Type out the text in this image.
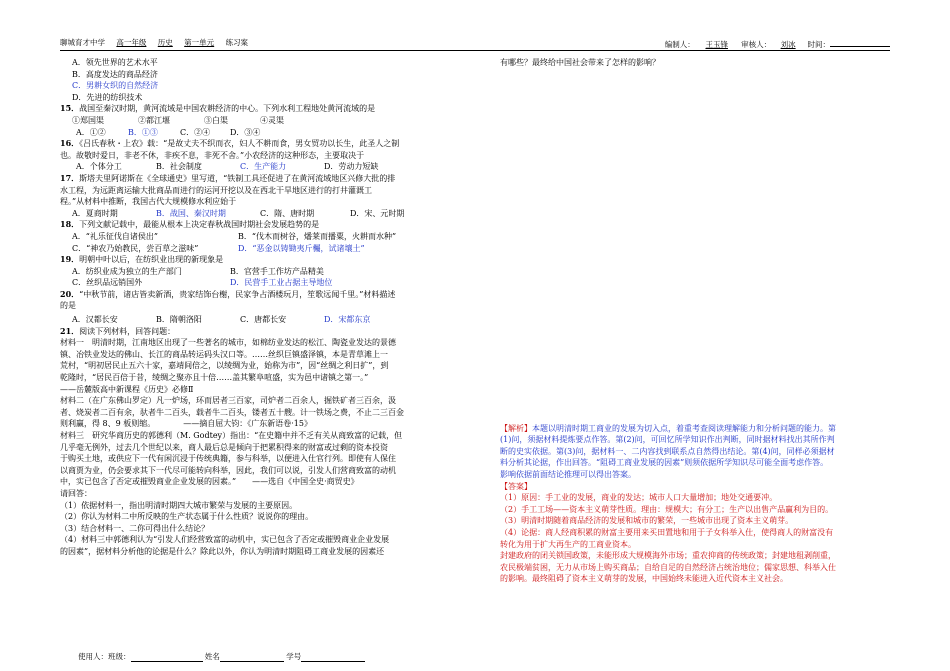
聊城育才中学 高一年级 历史 第一单元 练习案	编制人： 王玉锋 审核人： 刘冰 时间：
A．领先世界的艺术水平
B．高度发达的商品经济
C．男耕女织的自然经济
D．先进的纺织技术
15．战国至秦汉时期，黄河流域是中国农耕经济的中心。下列水利工程地处黄河流域的是
①郑国渠	②都江堰	③白渠	④灵渠
A．①②	B．①③	C．②④ D．③④
16．《吕氏春秋・上农》载：“是故丈夫不织而衣，妇人不耕而食，男女贸功以长生，此圣人之制
也。故敬时爱日，非老不休，非疾不息，非死不舍。”小农经济的这种形态，主要取决于
A．个体分工	B．社会制度	C．生产能力	D．劳动力短缺
17．斯塔夫里阿诺斯在《全球通史》里写道，“铁制工具还促进了在黄河流域地区兴修大批的排
水工程，为远距离运输大批商品而进行的运河开挖以及在西北干旱地区进行的打井灌溉工
程。”从材料中推断，我国古代大规模修水利应始于
A．夏商时期	B．战国、秦汉时期	C．隋、唐时期	D．宋、元时期
18．下列文献记载中，最能从根本上决定春秋战国时期社会发展趋势的是
A．“礼乐征伐自诸侯出”	B．“伐木而树谷，燔莱而播粟，火耕而水种”
C．“神农乃始教民，尝百草之滋味”	D．“恶金以铸锄夷斤欘，试诸壤土”
19．明朝中叶以后，在纺织业出现的新现象是
A．纺织业成为独立的生产部门	B．官营手工作坊产品精美
C．丝织品远销国外	D．民营手工业占据主导地位
20．“中秋节前，诸店皆卖新酒，贵家结饰台榭，民家争占酒楼玩月，笙歌远闻千里。”材料描述
的是
A．汉都长安	B．隋朝洛阳	C．唐都长安	D．宋都东京
21．阅读下列材料，回答问题：
材料一　明清时期，江南地区出现了一些著名的城市，如棉纺业发达的松江、陶瓷业发达的景德
镇、冶铁业发达的佛山、长江的商品转运码头汉口等。……丝织巨镇盛泽镇，本是青草滩上一
荒村，“明初居民止五六十家，嘉靖间倍之，以绫绸为业，始称为市”，因“丝绸之利日扩”，到
乾隆时，“居民百倍于昔，绫绸之聚亦且十倍……盖其繁阜喧盛，实为邑中诸镇之第一。”
——岳麓版高中新课程《历史》必修Ⅱ
材料二（在广东佛山罗定）凡一炉场，环而居者三百家，司炉者二百余人，掘铁矿者三百余，汲
者、烧炭者二百有余，驮者牛二百头，载者牛二百头，镂者五十艘。计一铁场之费，不止二三百金
则利赢，得 8、9 板则缩。　　　　——摘自屈大钧：《广东新语卷·15》
材料三　研究华商历史的郭德利（M. Godtey）指出：“在史籍中并不乏有关从商致富的记载，但
几乎毫无例外，过去几个世纪以来，商人最后总是倾向于把累积得来的财富或过剩的资本投资
于购买土地，或供应下一代有闲沉浸于传统典籍，参与科举，以便进入仕官行列。即使有人保住
以商贾为业，仍会要求其下一代尽可能转向科举，因此，我们可以说，引发人们营商致富的动机
中，实已包含了否定或摧毁商业企业发展的因素。”　　——选自《中国全史·商贸史》
请回答：
（1）依据材料一，指出明清时期四大城市繁荣与发展的主要原因。
（2）你认为材料二中所反映的生产状态属于什么性质？说说你的理由。
（3）结合材料一、二你可得出什么结论？
（4）材料三中郭德利认为“引发人们经营致富的动机中，实已包含了否定或摧毁商业企业发展
的因素”，据材料分析他的论据是什么？除此以外，你认为明清时期阻碍工商业发展的因素还
有哪些？最终给中国社会带来了怎样的影响？
【解析】本题以明清时期工商业的发展为切入点，着重考查阅读理解能力和分析问题的能力。第
(1)问，须据材料提炼要点作答。第(2)问，可回忆所学知识作出判断，同时据材料找出其所作判
断的史实依据。第(3)问，据材料一、二内容找到联系点自然得出结论。第(4)问，同样必须据材
料分析其论据，作出回答。“阻碍工商业发展的因素”则须依据所学知识尽可能全面考虑作答。
影响依据前面结论推理可以得出答案。
【答案】
（1）原因：手工业的发展，商业的发达；城市人口大量增加；地处交通要冲。
（2）手工工场——资本主义萌芽性质。理由：规模大；有分工；生产以出售产品赢利为目的。
（3）明清时期随着商品经济的发展和城市的繁荣，一些城市出现了资本主义萌芽。
（4）论据：商人经商积累的财富主要用来买田置地和用于子女科举入仕，使得商人的财富没有
转化为用于扩大再生产的工商业资本。
封建政府的闭关锁国政策，未能形成大规模海外市场；重农抑商的传统政策；封建地租剥削重，
农民极端贫困，无力从市场上购买商品；自给自足的自然经济占统治地位；儒家思想、科举入仕
的影响。最终阻碍了资本主义萌芽的发展，中国始终未能进入近代资本主义社会。
使用人：班级：	姓名	学号
